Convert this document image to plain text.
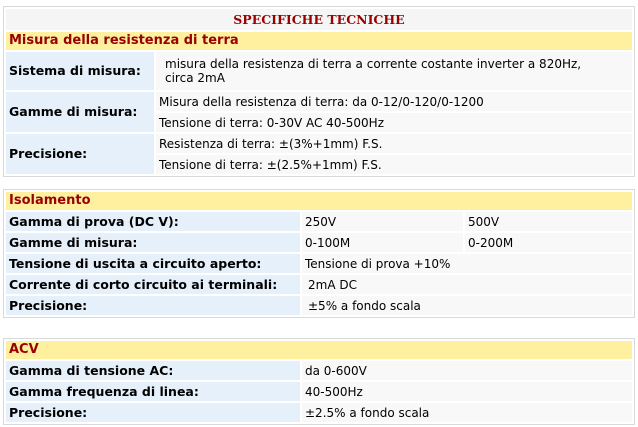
SPECIFICHE TECNICHE	
Misura della resistenza di terra	
Sistema di misura:	misura della resistenza di terra a corrente costante inverter a 820Hz,
circa 2mA

Gamme di misura:	Misura della resistenza di terra: da 0-12/0-120/0-1200
	Tensione di terra: 0-30V AC 40-500Hz
Precisione:	Resistenza di terra: ±(3%+1mm) F.S.
	Tensione di terra: ±(2.5%+1mm) F.S.
Isolamento		
Gamma di prova (DC V):	250V	500V
Gamme di misura:	0-100M	0-200M
Tensione di uscita a circuito aperto:	Tensione di prova +10%	
Corrente di corto circuito ai terminali:	2mA DC	
Precisione:	±5% a fondo scala	
ACV	
Gamma di tensione AC:	da 0-600V
Gamma frequenza di linea:	40-500Hz
Precisione:	±2.5% a fondo scala
